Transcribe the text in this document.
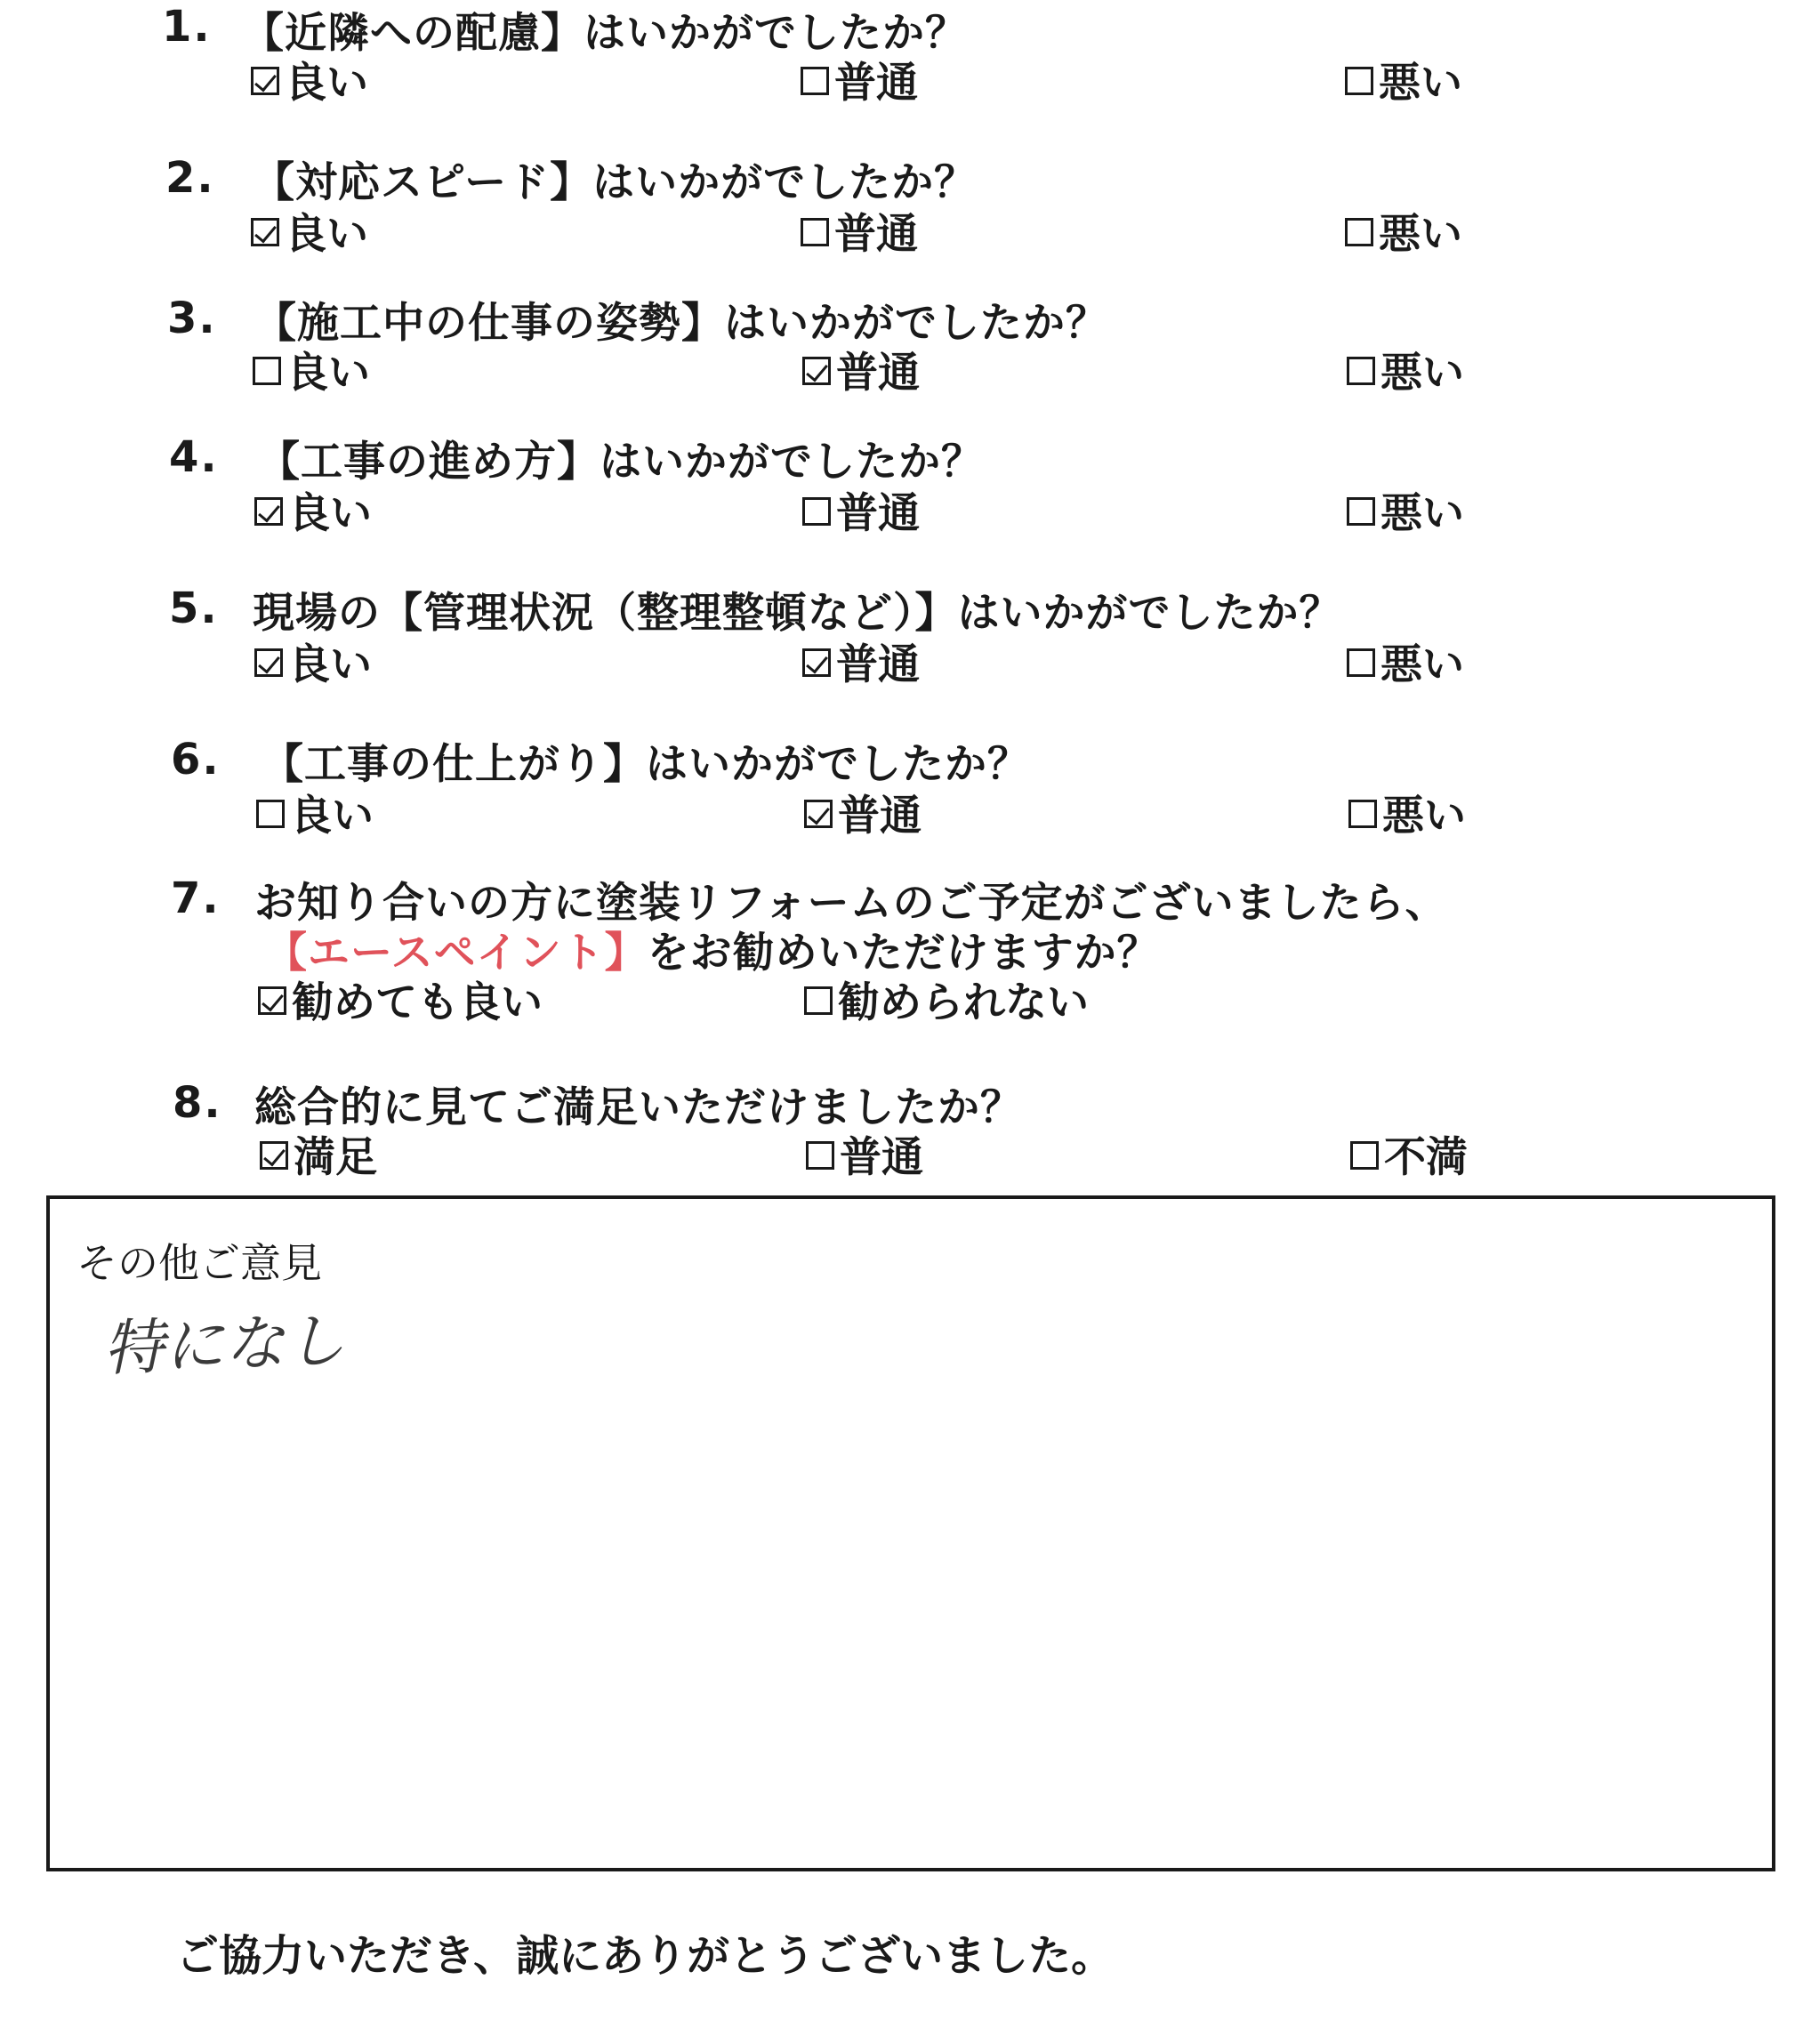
1. 【近隣への配慮】はいかがでしたか？
良い	普通	悪い
2. 【対応スピード】はいかがでしたか？
良い	普通	悪い
3. 【施工中の仕事の姿勢】はいかがでしたか？
良い	普通	悪い
4. 【工事の進め方】はいかがでしたか？
良い	普通	悪い
5. 現場の【管理状況（整理整頓など）】はいかがでしたか？
良い	普通	悪い
6. 【工事の仕上がり】はいかがでしたか？
良い	普通	悪い
7. お知り合いの方に塗装リフォームのご予定がございましたら、
【エースペイント】をお勧めいただけますか？
勧めても良い	勧められない
8. 総合的に見てご満足いただけましたか？
満足	普通	不満
その他ご意見
特になし
ご協力いただき、誠にありがとうございました。
